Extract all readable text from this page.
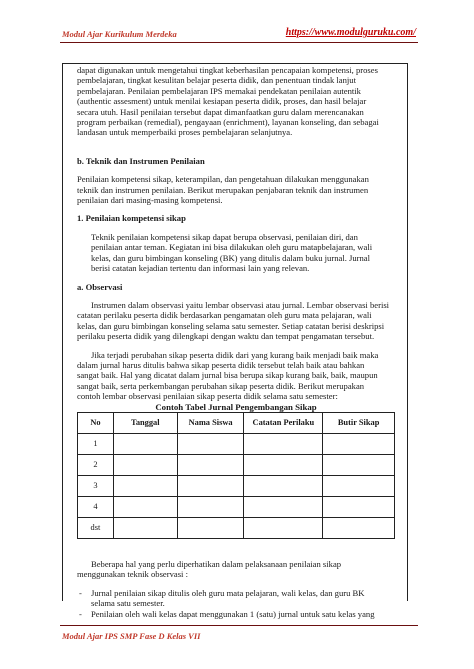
Modul Ajar Kurikulum Merdeka	https://www.modulguruku.com/

dapat digunakan untuk mengetahui tingkat keberhasilan pencapaian kompetensi, proses

pembelajaran, tingkat kesulitan belajar peserta didik, dan penentuan tindak lanjut

pembelajaran. Penilaian pembelajaran IPS memakai pendekatan penilaian autentik

(authentic assesment) untuk menilai kesiapan peserta didik, proses, dan hasil belajar

secara utuh. Hasil penilaian tersebut dapat dimanfaatkan guru dalam merencanakan

program perbaikan (remedial), pengayaan (enrichment), layanan konseling, dan sebagai

landasan untuk memperbaiki proses pembelajaran selanjutnya.

b. Teknik dan Instrumen Penilaian

Penilaian kompetensi sikap, keterampilan, dan pengetahuan dilakukan menggunakan

teknik dan instrumen penilaian. Berikut merupakan penjabaran teknik dan instrumen

penilaian dari masing-masing kompetensi.

1. Penilaian kompetensi sikap

Teknik penilaian kompetensi sikap dapat berupa observasi, penilaian diri, dan

penilaian antar teman. Kegiatan ini bisa dilakukan oleh guru matapbelajaran, wali

kelas, dan guru bimbingan konseling (BK) yang ditulis dalam buku jurnal. Jurnal

berisi catatan kejadian tertentu dan informasi lain yang relevan.

a. Observasi

Instrumen dalam observasi yaitu lembar observasi atau jurnal. Lembar observasi berisi

catatan perilaku peserta didik berdasarkan pengamatan oleh guru mata pelajaran, wali

kelas, dan guru bimbingan konseling selama satu semester. Setiap catatan berisi deskripsi

perilaku peserta didik yang dilengkapi dengan waktu dan tempat pengamatan tersebut.

Jika terjadi perubahan sikap peserta didik dari yang kurang baik menjadi baik maka

dalam jurnal harus ditulis bahwa sikap peserta didik tersebut telah baik atau bahkan

sangat baik. Hal yang dicatat dalam jurnal bisa berupa sikap kurang baik, baik, maupun

sangat baik, serta perkembangan perubahan sikap peserta didik. Berikut merupakan

contoh lembar observasi penilaian sikap peserta didik selama satu semester:

Contoh Tabel Jurnal Pengembangan Sikap

No	Tanggal	Nama Siswa	Catatan Perilaku	Butir Sikap
1				
2				
3				
4				
dst				

Beberapa hal yang perlu diperhatikan dalam pelaksanaan penilaian sikap

menggunakan teknik observasi :

-	Jurnal penilaian sikap ditulis oleh guru mata pelajaran, wali kelas, dan guru BK

selama satu semester.

-	Penilaian oleh wali kelas dapat menggunakan 1 (satu) jurnal untuk satu kelas yang

Modul Ajar IPS SMP Fase D Kelas VII
